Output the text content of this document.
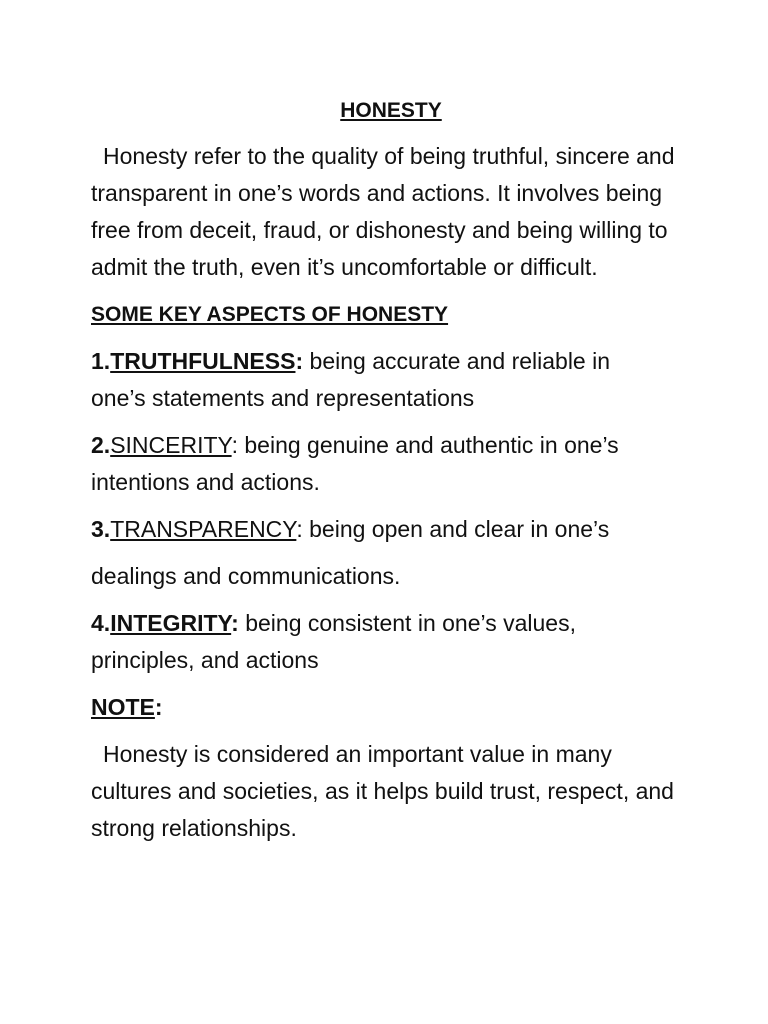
HONESTY

Honesty refer to the quality of being truthful, sincere and transparent in one’s words and actions. It involves being free from deceit, fraud, or dishonesty and being willing to admit the truth, even it’s uncomfortable or difficult.

SOME KEY ASPECTS OF HONESTY
1.TRUTHFULNESS: being accurate and reliable in
one’s statements and representations
2.SINCERITY: being genuine and authentic in one’s
intentions and actions.
3.TRANSPARENCY: being open and clear in one’s
dealings and communications.
4.INTEGRITY: being consistent in one’s values,
principles, and actions
NOTE:

Honesty is considered an important value in many cultures and societies, as it helps build trust, respect, and strong relationships.
